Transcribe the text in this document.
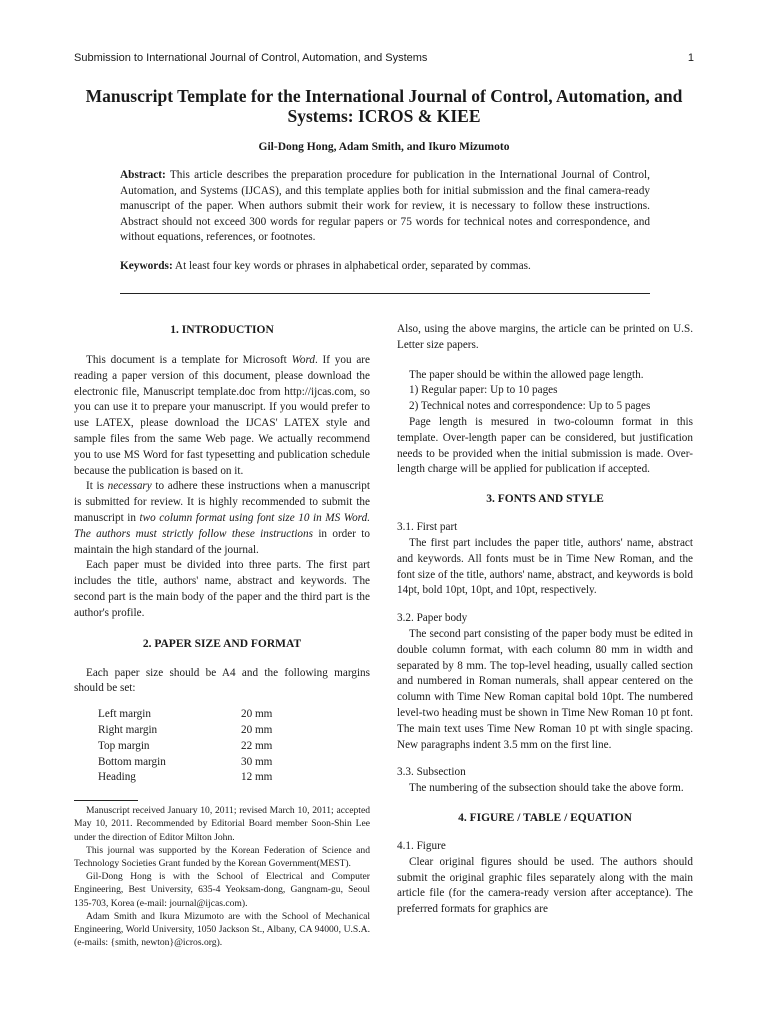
Submission to International Journal of Control, Automation, and Systems	1
Manuscript Template for the International Journal of Control, Automation, and Systems: ICROS & KIEE
Gil-Dong Hong, Adam Smith, and Ikuro Mizumoto
Abstract: This article describes the preparation procedure for publication in the International Journal of Control, Automation, and Systems (IJCAS), and this template applies both for initial submission and the final camera-ready manuscript of the paper. When authors submit their work for review, it is necessary to follow these instructions. Abstract should not exceed 300 words for regular papers or 75 words for technical notes and correspondence, and without equations, references, or footnotes.
Keywords: At least four key words or phrases in alphabetical order, separated by commas.
1. INTRODUCTION

This document is a template for Microsoft Word. If you are reading a paper version of this document, please download the electronic file, Manuscript template.doc from http://ijcas.com, so you can use it to prepare your manuscript. If you would prefer to use LATEX, please download the IJCAS' LATEX style and sample files from the same Web page. We actually recommend you to use MS Word for fast typesetting and publication schedule because the publication is based on it.

It is necessary to adhere these instructions when a manuscript is submitted for review. It is highly recommended to submit the manuscript in two column format using font size 10 in MS Word. The authors must strictly follow these instructions in order to maintain the high standard of the journal.

Each paper must be divided into three parts. The first part includes the title, authors' name, abstract and keywords. The second part is the main body of the paper and the third part is the author's profile.

2. PAPER SIZE AND FORMAT

Each paper size should be A4 and the following margins should be set:

Left margin	20 mm
Right margin	20 mm
Top margin	22 mm
Bottom margin	30 mm
Heading	12 mm

Manuscript received January 10, 2011; revised March 10, 2011; accepted May 10, 2011. Recommended by Editorial Board member Soon-Shin Lee under the direction of Editor Milton John.

This journal was supported by the Korean Federation of Science and Technology Societies Grant funded by the Korean Government(MEST).

Gil-Dong Hong is with the School of Electrical and Computer Engineering, Best University, 635-4 Yeoksam-dong, Gangnam-gu, Seoul 135-703, Korea (e-mail: journal@ijcas.com).

Adam Smith and Ikura Mizumoto are with the School of Mechanical Engineering, World University, 1050 Jackson St., Albany, CA 94000, U.S.A. (e-mails: {smith, newton}@icros.org).

Also, using the above margins, the article can be printed on U.S. Letter size papers.

The paper should be within the allowed page length.

1) Regular paper: Up to 10 pages

2) Technical notes and correspondence: Up to 5 pages

Page length is mesured in two-coloumn format in this template. Over-length paper can be considered, but justification needs to be provided when the initial submission is made. Over-length charge will be applied for publication if accepted.

3. FONTS AND STYLE

3.1. First part

The first part includes the paper title, authors' name, abstract and keywords. All fonts must be in Time New Roman, and the font size of the title, authors' name, abstract, and keywords is bold 14pt, bold 10pt, 10pt, and 10pt, respectively.

3.2. Paper body

The second part consisting of the paper body must be edited in double column format, with each column 80 mm in width and separated by 8 mm. The top-level heading, usually called section and numbered in Roman numerals, shall appear centered on the column with Time New Roman capital bold 10pt. The numbered level-two heading must be shown in Time New Roman 10 pt font. The main text uses Time New Roman 10 pt with single spacing. New paragraphs indent 3.5 mm on the first line.

3.3. Subsection

The numbering of the subsection should take the above form.

4. FIGURE / TABLE / EQUATION

4.1. Figure

Clear original figures should be used. The authors should submit the original graphic files separately along with the main article file (for the camera-ready version after acceptance). The preferred formats for graphics are
